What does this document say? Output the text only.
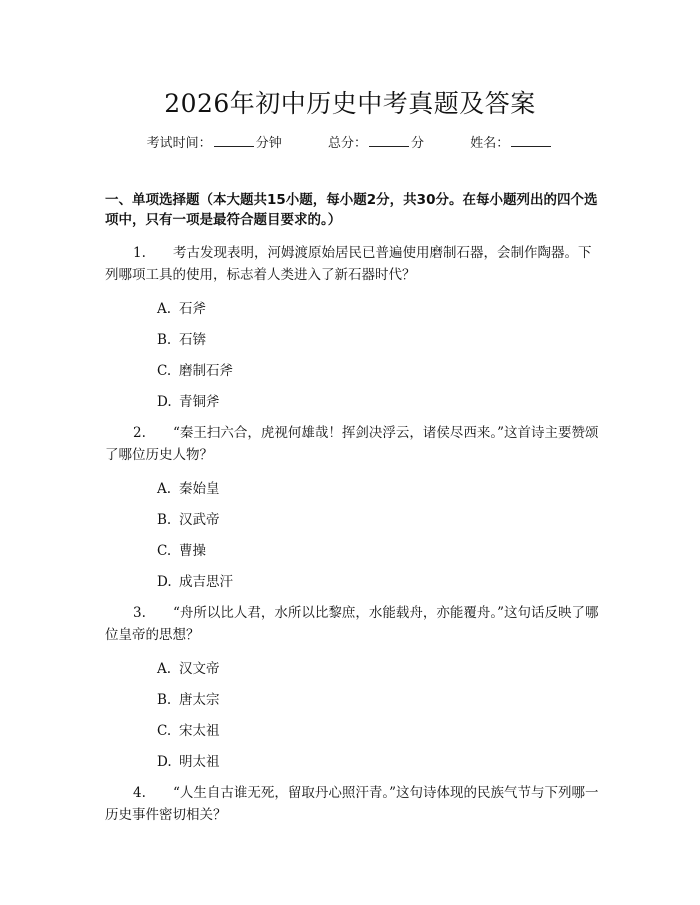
2026年初中历史中考真题及答案
考试时间：	分钟	总分：	分	姓名：
一、单项选择题（本大题共15小题，每小题2分，共30分。在每小题列出的四个选项中，只有一项是最符合题目要求的。）
1. 考古发现表明，河姆渡原始居民已普遍使用磨制石器，会制作陶器。下列哪项工具的使用，标志着人类进入了新石器时代？
A. 石斧
B. 石锛
C. 磨制石斧
D. 青铜斧
2. “秦王扫六合，虎视何雄哉！挥剑决浮云，诸侯尽西来。”这首诗主要赞颂了哪位历史人物？
A. 秦始皇
B. 汉武帝
C. 曹操
D. 成吉思汗
3. “舟所以比人君，水所以比黎庶，水能载舟，亦能覆舟。”这句话反映了哪位皇帝的思想？
A. 汉文帝
B. 唐太宗
C. 宋太祖
D. 明太祖
4. “人生自古谁无死，留取丹心照汗青。”这句诗体现的民族气节与下列哪一历史事件密切相关？
